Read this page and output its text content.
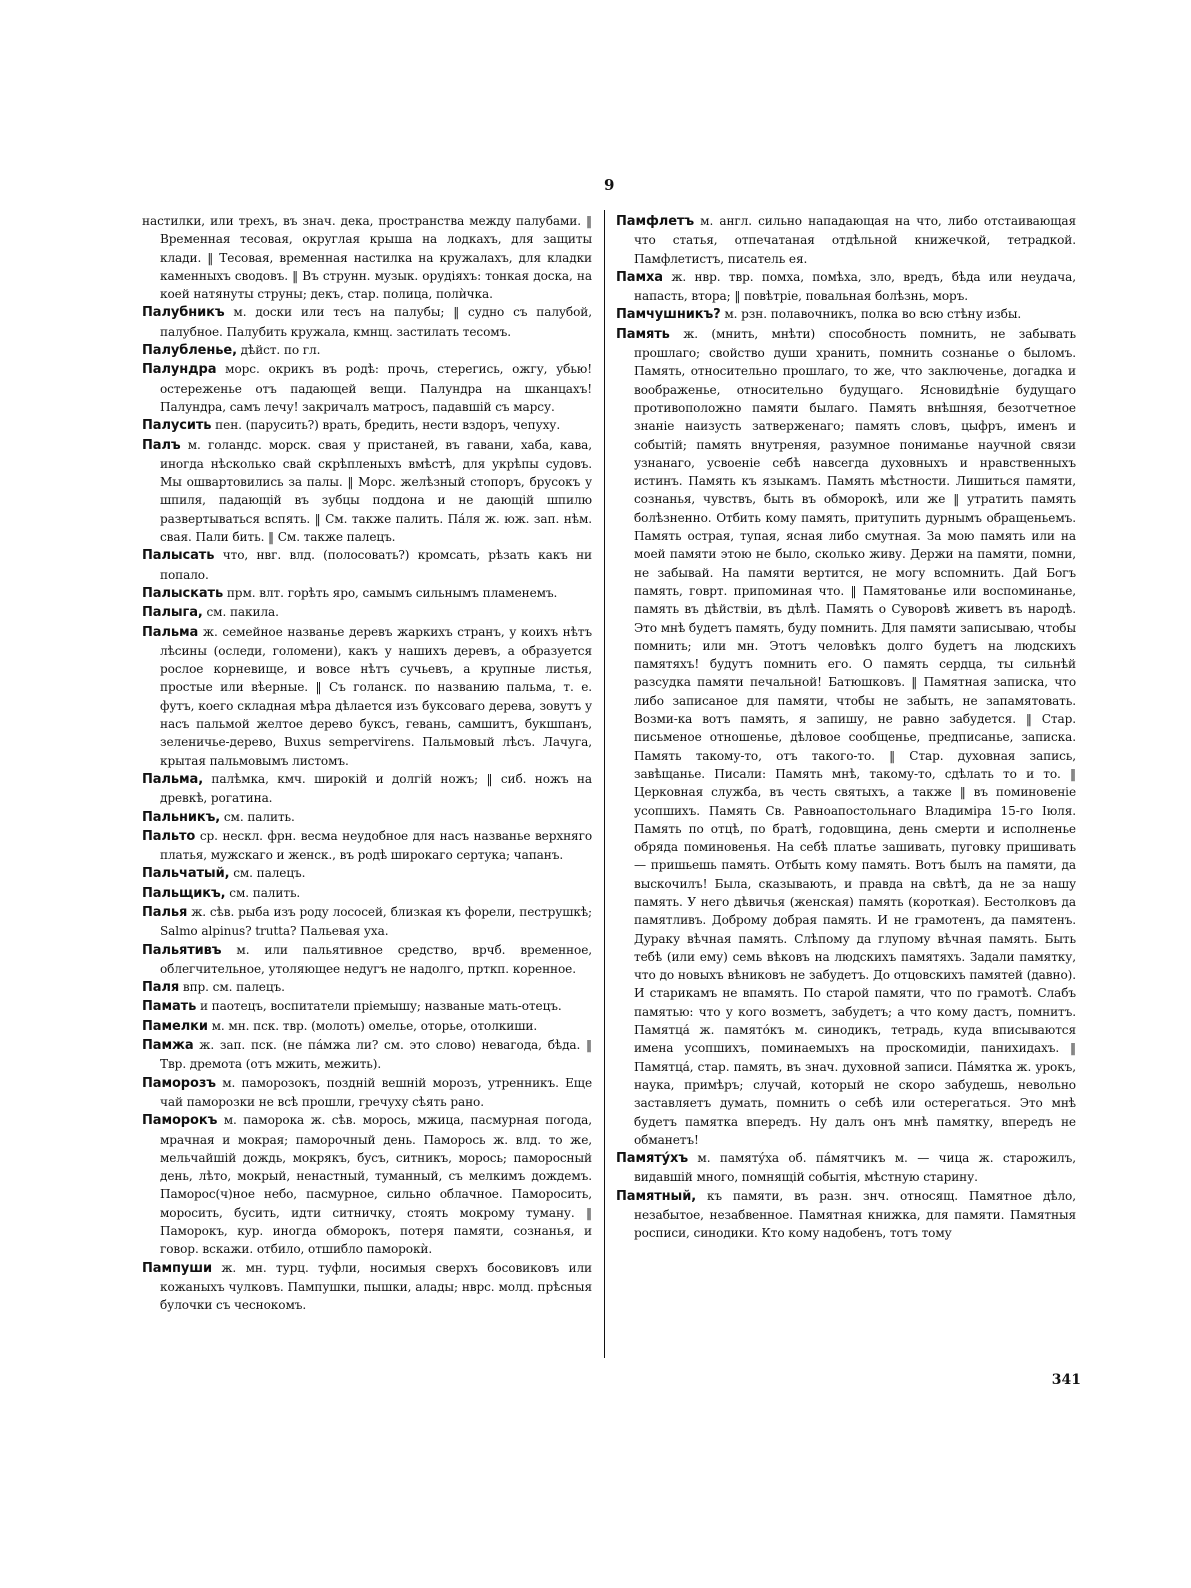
9

настилки, или трехъ, въ знач. дека, пространства между палубами. ‖ Временная тесовая, округлая крыша на лодкахъ, для защиты клади. ‖ Тесовая, временная настилка на кружалахъ, для кладки каменныхъ сводовъ. ‖ Въ струнн. музык. орудіяхъ: тонкая доска, на коей натянуты струны; декъ, стар. полица, полѝчка.

Палубникъ м. доски или тесъ на палубы; ‖ судно съ палубой, палубное. Палубить кружала, кмнщ. застилать тесомъ.

Палубленье, дѣйст. по гл.

Палундра морс. окрикъ въ родѣ: прочь, стерегись, ожгу, убью! остереженье отъ падающей вещи. Палундра на шканцахъ! Палундра, самъ лечу! закричалъ матросъ, падавшій съ марсу.

Палусить пен. (парусить?) врать, бредить, нести вздоръ, чепуху.

Палъ м. голандс. морск. свая у пристаней, въ гавани, хаба, кава, иногда нѣсколько свай скрѣпленыхъ вмѣстѣ, для укрѣпы судовъ. Мы ошвартовились за палы. ‖ Морс. желѣзный стопоръ, брусокъ у шпиля, падающій въ зубцы поддона и не дающій шпилю развертываться вспять. ‖ См. также палить. Пáля ж. юж. зап. нѣм. свая. Пали бить. ‖ См. также палецъ.

Палысать что, нвг. влд. (полосовать?) кромсать, рѣзать какъ ни попало.

Палыскать прм. влт. горѣть яро, самымъ сильнымъ пламенемъ.

Палыга, см. пакила.

Пальма ж. семейное названье деревъ жаркихъ странъ, у коихъ нѣтъ лѣсины (оследи, голомени), какъ у нашихъ деревъ, а образуется рослое корневище, и вовсе нѣтъ сучьевъ, а крупные листья, простые или вѣерные. ‖ Съ голанск. по названию пальма, т. е. футъ, коего складная мѣра дѣлается изъ буксоваго дерева, зовутъ у насъ пальмой желтое дерево буксъ, гевань, самшитъ, букшпанъ, зеленичье-дерево, Buxus sempervirens. Пальмовый лѣсъ. Лачуга, крытая пальмовымъ листомъ.

Пальма, палѣмка, кмч. широкій и долгій ножъ; ‖ сиб. ножъ на древкѣ, рогатина.

Пальникъ, см. палить.

Пальто ср. нескл. фрн. весма неудобное для насъ названье верхняго платья, мужскаго и женск., въ родѣ широкаго сертука; чапанъ.

Пальчатый, см. палецъ.

Пальщикъ, см. палить.

Палья ж. сѣв. рыба изъ роду лососей, близкая къ форели, пеструшкѣ; Salmo alpinus? trutta? Пальевая уха.

Пальятивъ м. или пальятивное средство, врчб. временное, облегчительное, утоляющее недугъ не надолго, прткп. коренное.

Паля впр. см. палецъ.

Памать и паотецъ, воспитатели пріемышу; названые мать-отецъ.

Памелки м. мн. пск. твр. (молоть) омелье, оторье, отолкиши.

Памжа ж. зап. пск. (не пáмжа ли? см. это слово) невагода, бѣда. ‖ Твр. дремота (отъ мжить, межить).

Паморозъ м. паморозокъ, поздній вешній морозъ, утренникъ. Еще чай паморозки не всѣ прошли, гречуху сѣять рано.

Паморокъ м. паморока ж. сѣв. морось, мжица, пасмурная погода, мрачная и мокрая; паморочный день. Паморось ж. влд. то же, мельчайшій дождь, мокрякъ, бусъ, ситникъ, морось; паморосный день, лѣто, мокрый, ненастный, туманный, съ мелкимъ дождемъ. Паморос(ч)ное небо, пасмурное, сильно облачное. Паморосить, моросить, бусить, идти ситничку, стоять мокрому туману. ‖ Паморокъ, кур. иногда обморокъ, потеря памяти, сознанья, и говор. вскажи. отбило, отшибло паморокѝ.

Пампуши ж. мн. турц. туфли, носимыя сверхъ босовиковъ или кожаныхъ чулковъ. Пампушки, пышки, алады; нврс. молд. прѣсныя булочки съ чеснокомъ.

Памфлетъ м. англ. сильно нападающая на что, либо отстаивающая что статья, отпечатаная отдѣльной книжечкой, тетрадкой. Памфлетистъ, писатель ея.

Памха ж. нвр. твр. помха, помѣха, зло, вредъ, бѣда или неудача, напасть, втора; ‖ повѣтріе, повальная болѣзнь, моръ.

Памчушникъ? м. рзн. полавочникъ, полка во всю стѣну избы.

Память ж. (мнить, мнѣти) способность помнить, не забывать прошлаго; свойство души хранить, помнить сознанье о быломъ. Память, относительно прошлаго, то же, что заключенье, догадка и воображенье, относительно будущаго. Ясновидѣніе будущаго противоположно памяти былаго. Память внѣшняя, безотчетное знаніе наизусть затверженаго; память словъ, цыфръ, именъ и событій; память внутреняя, разумное пониманье научной связи узнанаго, усвоеніе себѣ навсегда духовныхъ и нравственныхъ истинъ. Память къ языкамъ. Память мѣстности. Лишиться памяти, сознанья, чувствъ, быть въ обморокѣ, или же ‖ утратить память болѣзненно. Отбить кому память, притупить дурнымъ обращеньемъ. Память острая, тупая, ясная либо смутная. За мою память или на моей памяти этою не было, сколько живу. Держи на памяти, помни, не забывай. На памяти вертится, не могу вспомнить. Дай Богъ память, говрт. припоминая что. ‖ Памятованье или воспоминанье, память въ дѣйствіи, въ дѣлѣ. Память о Суворовѣ живетъ въ народѣ. Это мнѣ будетъ память, буду помнить. Для памяти записываю, чтобы помнить; или мн. Этотъ человѣкъ долго будетъ на людскихъ памятяхъ! будутъ помнить его. О память сердца, ты сильнѣй разсудка памяти печальной! Батюшковъ. ‖ Памятная записка, что либо записаное для памяти, чтобы не забыть, не запамятовать. Возми-ка вотъ память, я запишу, не равно забудется. ‖ Стар. письменое отношенье, дѣловое сообщенье, предписанье, записка. Память такому-то, отъ такого-то. ‖ Стар. духовная запись, завѣщанье. Писали: Память мнѣ, такому-то, сдѣлать то и то. ‖ Церковная служба, въ честь святыхъ, а также ‖ въ поминовеніе усопшихъ. Память Св. Равноапостольнаго Владиміра 15-го Іюля. Память по отцѣ, по братѣ, годовщина, день смерти и исполненье обряда поминовенья. На себѣ платье зашивать, пуговку пришивать — пришьешь память. Отбыть кому память. Вотъ былъ на памяти, да выскочилъ! Была, сказывають, и правда на свѣтѣ, да не за нашу память. У него дѣвичья (женская) память (короткая). Бестолковъ да памятливъ. Доброму добрая память. И не грамотенъ, да памятенъ. Дураку вѣчная память. Слѣпому да глупому вѣчная память. Быть тебѣ (или ему) семь вѣковъ на людскихъ памятяхъ. Задали памятку, что до новыхъ вѣниковъ не забудетъ. До отцовскихъ памятей (давно). И старикамъ не впамять. По старой памяти, что по грамотѣ. Слабъ памятью: что у кого возметъ, забудетъ; а что кому дастъ, помнитъ. Памятцá ж. памятóкъ м. синодикъ, тетрадь, куда вписываются имена усопшихъ, поминаемыхъ на проскомидіи, панихидахъ. ‖ Памятцá, стар. память, въ знач. духовной записи. Пáмятка ж. урокъ, наука, примѣръ; случай, который не скоро забудешь, невольно заставляетъ думать, помнить о себѣ или остерегаться. Это мнѣ будетъ памятка впередъ. Ну далъ онъ мнѣ памятку, впередъ не обманетъ!

Памятýхъ м. памятýха об. пáмятчикъ м. — чица ж. старожилъ, видавшій много, помнящій событія, мѣстную старину.

Памятный, къ памяти, въ разн. знч. относящ. Памятное дѣло, незабытое, незабвенное. Памятная книжка, для памяти. Памятныя росписи, синодики. Кто кому надобенъ, тотъ тому

341
